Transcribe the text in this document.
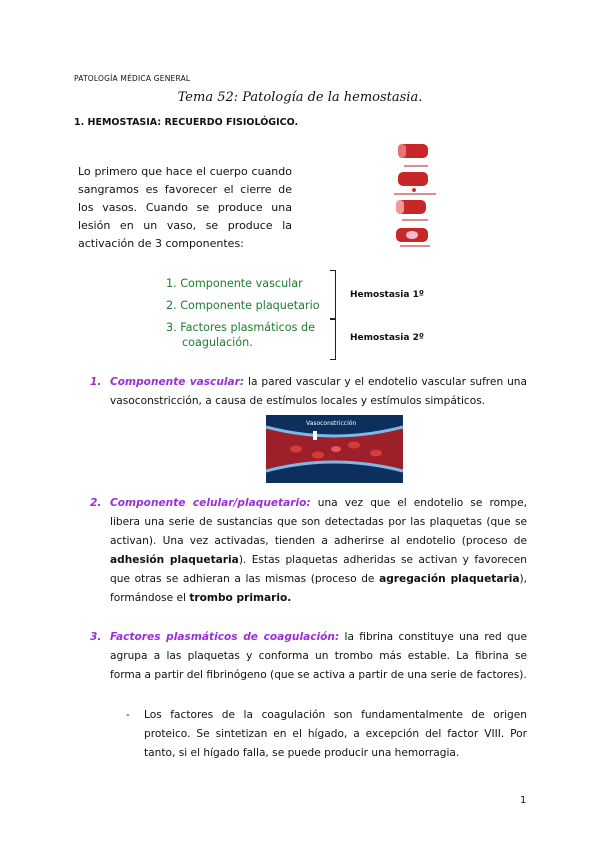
PATOLOGÍA MÉDICA GENERAL
Tema 52: Patología de la hemostasia.
1. HEMOSTASIA: RECUERDO FISIOLÓGICO.
Lo primero que hace el cuerpo cuando sangramos es favorecer el cierre de los vasos. Cuando se produce una lesión en un vaso, se produce la activación de 3 componentes:
1. Componente vascular
2. Componente plaquetario
3. Factores plasmáticos de
coagulación.
Hemostasia 1º
Hemostasia 2º
1. Componente vascular: la pared vascular y el endotelio vascular sufren una vasoconstricción, a causa de estímulos locales y estímulos simpáticos.
Vasoconstricción
2. Componente celular/plaquetario: una vez que el endotelio se rompe, libera una serie de sustancias que son detectadas por las plaquetas (que se activan). Una vez activadas, tienden a adherirse al endotelio (proceso de adhesión plaquetaria). Estas plaquetas adheridas se activan y favorecen que otras se adhieran a las mismas (proceso de agregación plaquetaria), formándose el trombo primario.
3. Factores plasmáticos de coagulación: la fibrina constituye una red que agrupa a las plaquetas y conforma un trombo más estable. La fibrina se forma a partir del fibrinógeno (que se activa a partir de una serie de factores).
- Los factores de la coagulación son fundamentalmente de origen proteico. Se sintetizan en el hígado, a excepción del factor VIII. Por tanto, si el hígado falla, se puede producir una hemorragia.
1
